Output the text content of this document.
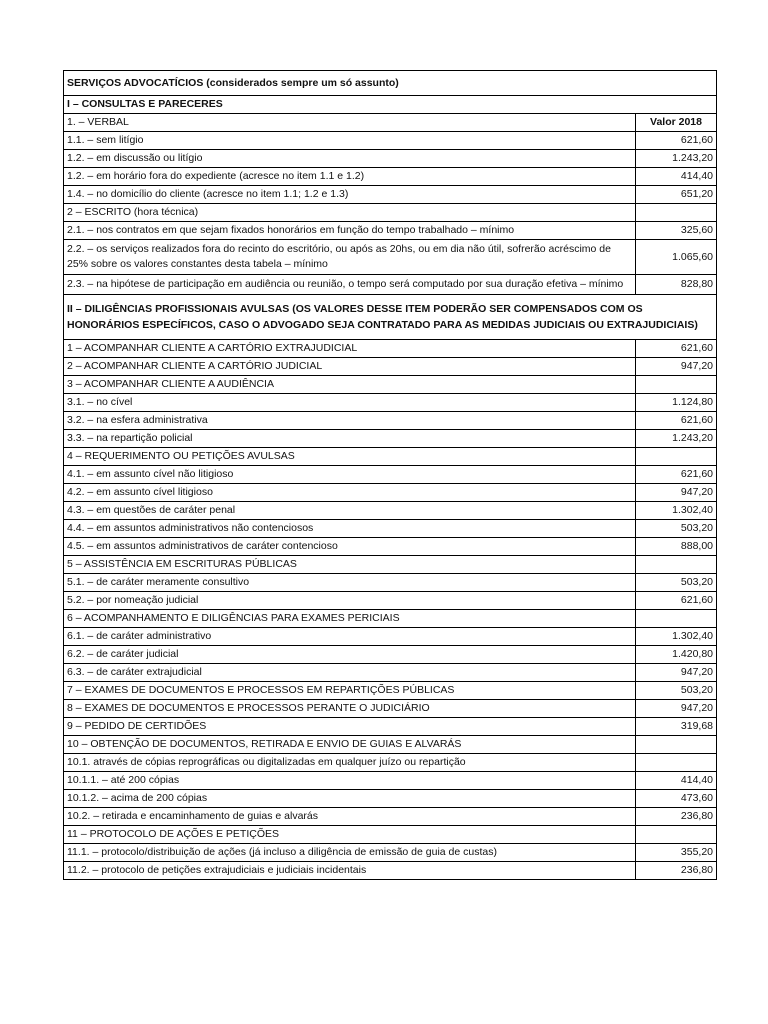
SERVIÇOS ADVOCATÍCIOS (considerados sempre um só assunto)	
I – CONSULTAS E PARECERES	
1. – VERBAL	Valor 2018
1.1. – sem litígio	621,60
1.2. – em discussão ou litígio	1.243,20
1.2. – em horário fora do expediente (acresce no item 1.1 e 1.2)	414,40
1.4. – no domicílio do cliente (acresce no item 1.1; 1.2 e 1.3)	651,20
2 – ESCRITO (hora técnica)	
2.1. – nos contratos em que sejam fixados honorários em função do tempo trabalhado – mínimo	325,60
2.2. – os serviços realizados fora do recinto do escritório, ou após as 20hs, ou em dia não útil, sofrerão acréscimo de 25% sobre os valores constantes desta tabela – mínimo	1.065,60
2.3. – na hipótese de participação em audiência ou reunião, o tempo será computado por sua duração efetiva – mínimo	828,80
II – DILIGÊNCIAS PROFISSIONAIS AVULSAS (OS VALORES DESSE ITEM PODERÃO SER COMPENSADOS COM OS HONORÁRIOS ESPECÍFICOS, CASO O ADVOGADO SEJA CONTRATADO PARA AS MEDIDAS JUDICIAIS OU EXTRAJUDICIAIS)	
1 – ACOMPANHAR CLIENTE A CARTÓRIO EXTRAJUDICIAL	621,60
2 – ACOMPANHAR CLIENTE A CARTÓRIO JUDICIAL	947,20
3 – ACOMPANHAR CLIENTE A AUDIÊNCIA	
3.1. – no cível	1.124,80
3.2. – na esfera administrativa	621,60
3.3. – na repartição policial	1.243,20
4 – REQUERIMENTO OU PETIÇÕES AVULSAS	
4.1. – em assunto cível não litigioso	621,60
4.2. – em assunto cível litigioso	947,20
4.3. – em questões de caráter penal	1.302,40
4.4. – em assuntos administrativos não contenciosos	503,20
4.5. – em assuntos administrativos de caráter contencioso	888,00
5 – ASSISTÊNCIA EM ESCRITURAS PÚBLICAS	
5.1. – de caráter meramente consultivo	503,20
5.2. – por nomeação judicial	621,60
6 – ACOMPANHAMENTO E DILIGÊNCIAS PARA EXAMES PERICIAIS	
6.1. – de caráter administrativo	1.302,40
6.2. – de caráter judicial	1.420,80
6.3. – de caráter extrajudicial	947,20
7 – EXAMES DE DOCUMENTOS E PROCESSOS EM REPARTIÇÕES PÚBLICAS	503,20
8 – EXAMES DE DOCUMENTOS E PROCESSOS PERANTE O JUDICIÁRIO	947,20
9 – PEDIDO DE CERTIDÕES	319,68
10 – OBTENÇÃO DE DOCUMENTOS, RETIRADA E ENVIO DE GUIAS E ALVARÁS	
10.1. através de cópias reprográficas ou digitalizadas em qualquer juízo ou repartição	
10.1.1. – até 200 cópias	414,40
10.1.2. – acima de 200 cópias	473,60
10.2. – retirada e encaminhamento de guias e alvarás	236,80
11 – PROTOCOLO DE AÇÕES E PETIÇÕES	
11.1. – protocolo/distribuição de ações (já incluso a diligência de emissão de guia de custas)	355,20
11.2. – protocolo de petições extrajudiciais e judiciais incidentais	236,80
